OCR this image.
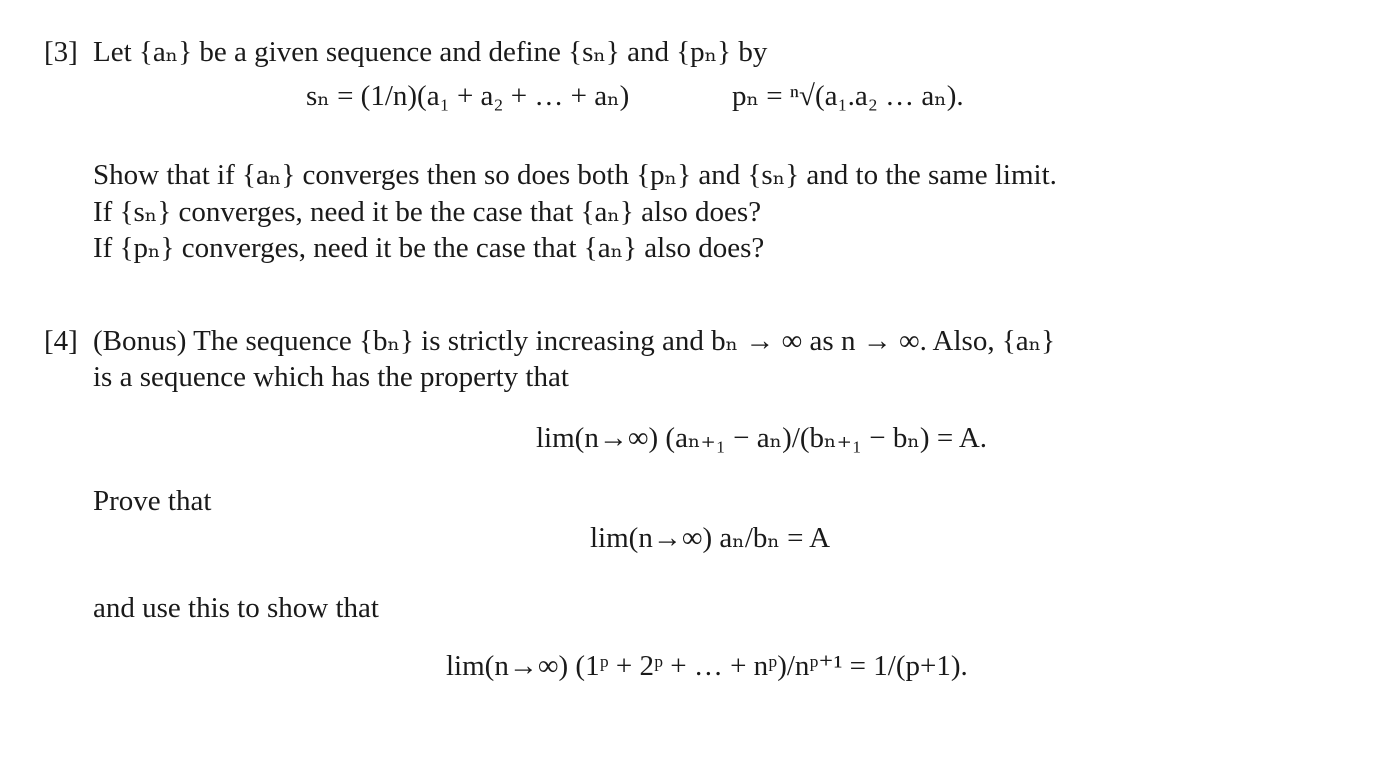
[3] Let {aₙ} be a given sequence and define {sₙ} and {pₙ} by
sₙ = (1/n)(a₁ + a₂ + … + aₙ)	pₙ = ⁿ√(a₁.a₂ … aₙ).
Show that if {aₙ} converges then so does both {pₙ} and {sₙ} and to the same limit.
If {sₙ} converges, need it be the case that {aₙ} also does?
If {pₙ} converges, need it be the case that {aₙ} also does?
[4] (Bonus) The sequence {bₙ} is strictly increasing and bₙ → ∞ as n → ∞. Also, {aₙ}
is a sequence which has the property that
lim(n→∞) (aₙ₊₁ − aₙ)/(bₙ₊₁ − bₙ) = A.
Prove that
lim(n→∞) aₙ/bₙ = A
and use this to show that
lim(n→∞) (1ᵖ + 2ᵖ + … + nᵖ)/nᵖ⁺¹ = 1/(p+1).
